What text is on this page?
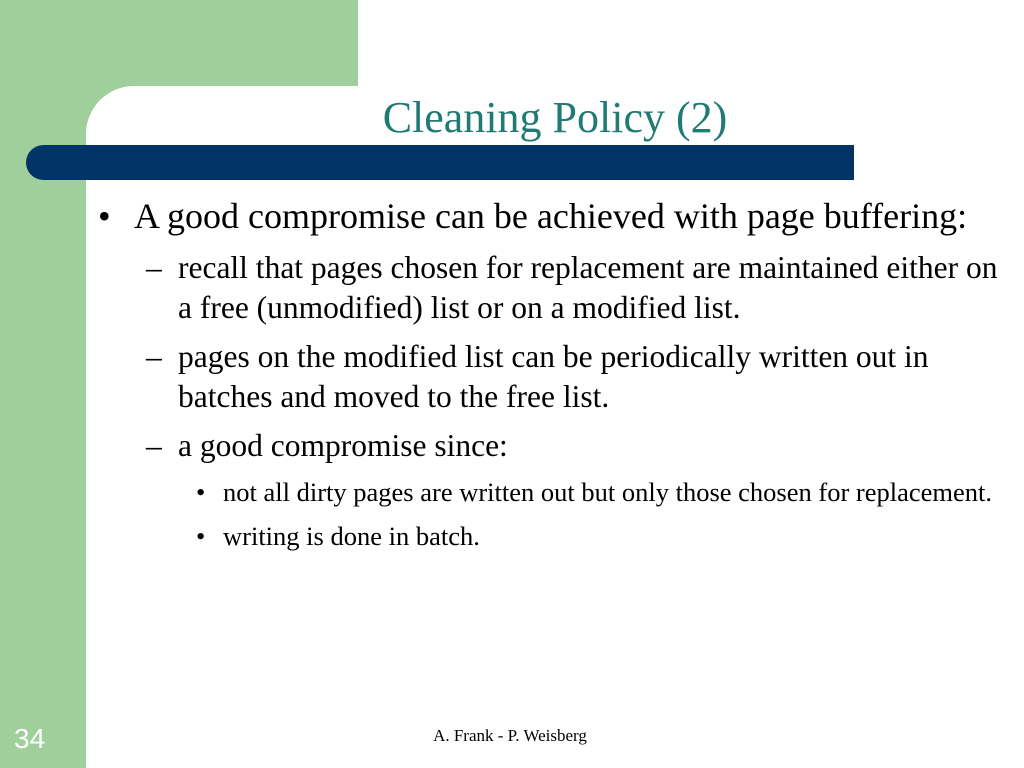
Cleaning Policy (2)
• A good compromise can be achieved with page buffering:
– recall that pages chosen for replacement are maintained either on a free (unmodified) list or on a modified list.
– pages on the modified list can be periodically written out in batches and moved to the free list.
– a good compromise since:
• not all dirty pages are written out but only those chosen for replacement.
• writing is done in batch.
34	A. Frank - P. Weisberg
